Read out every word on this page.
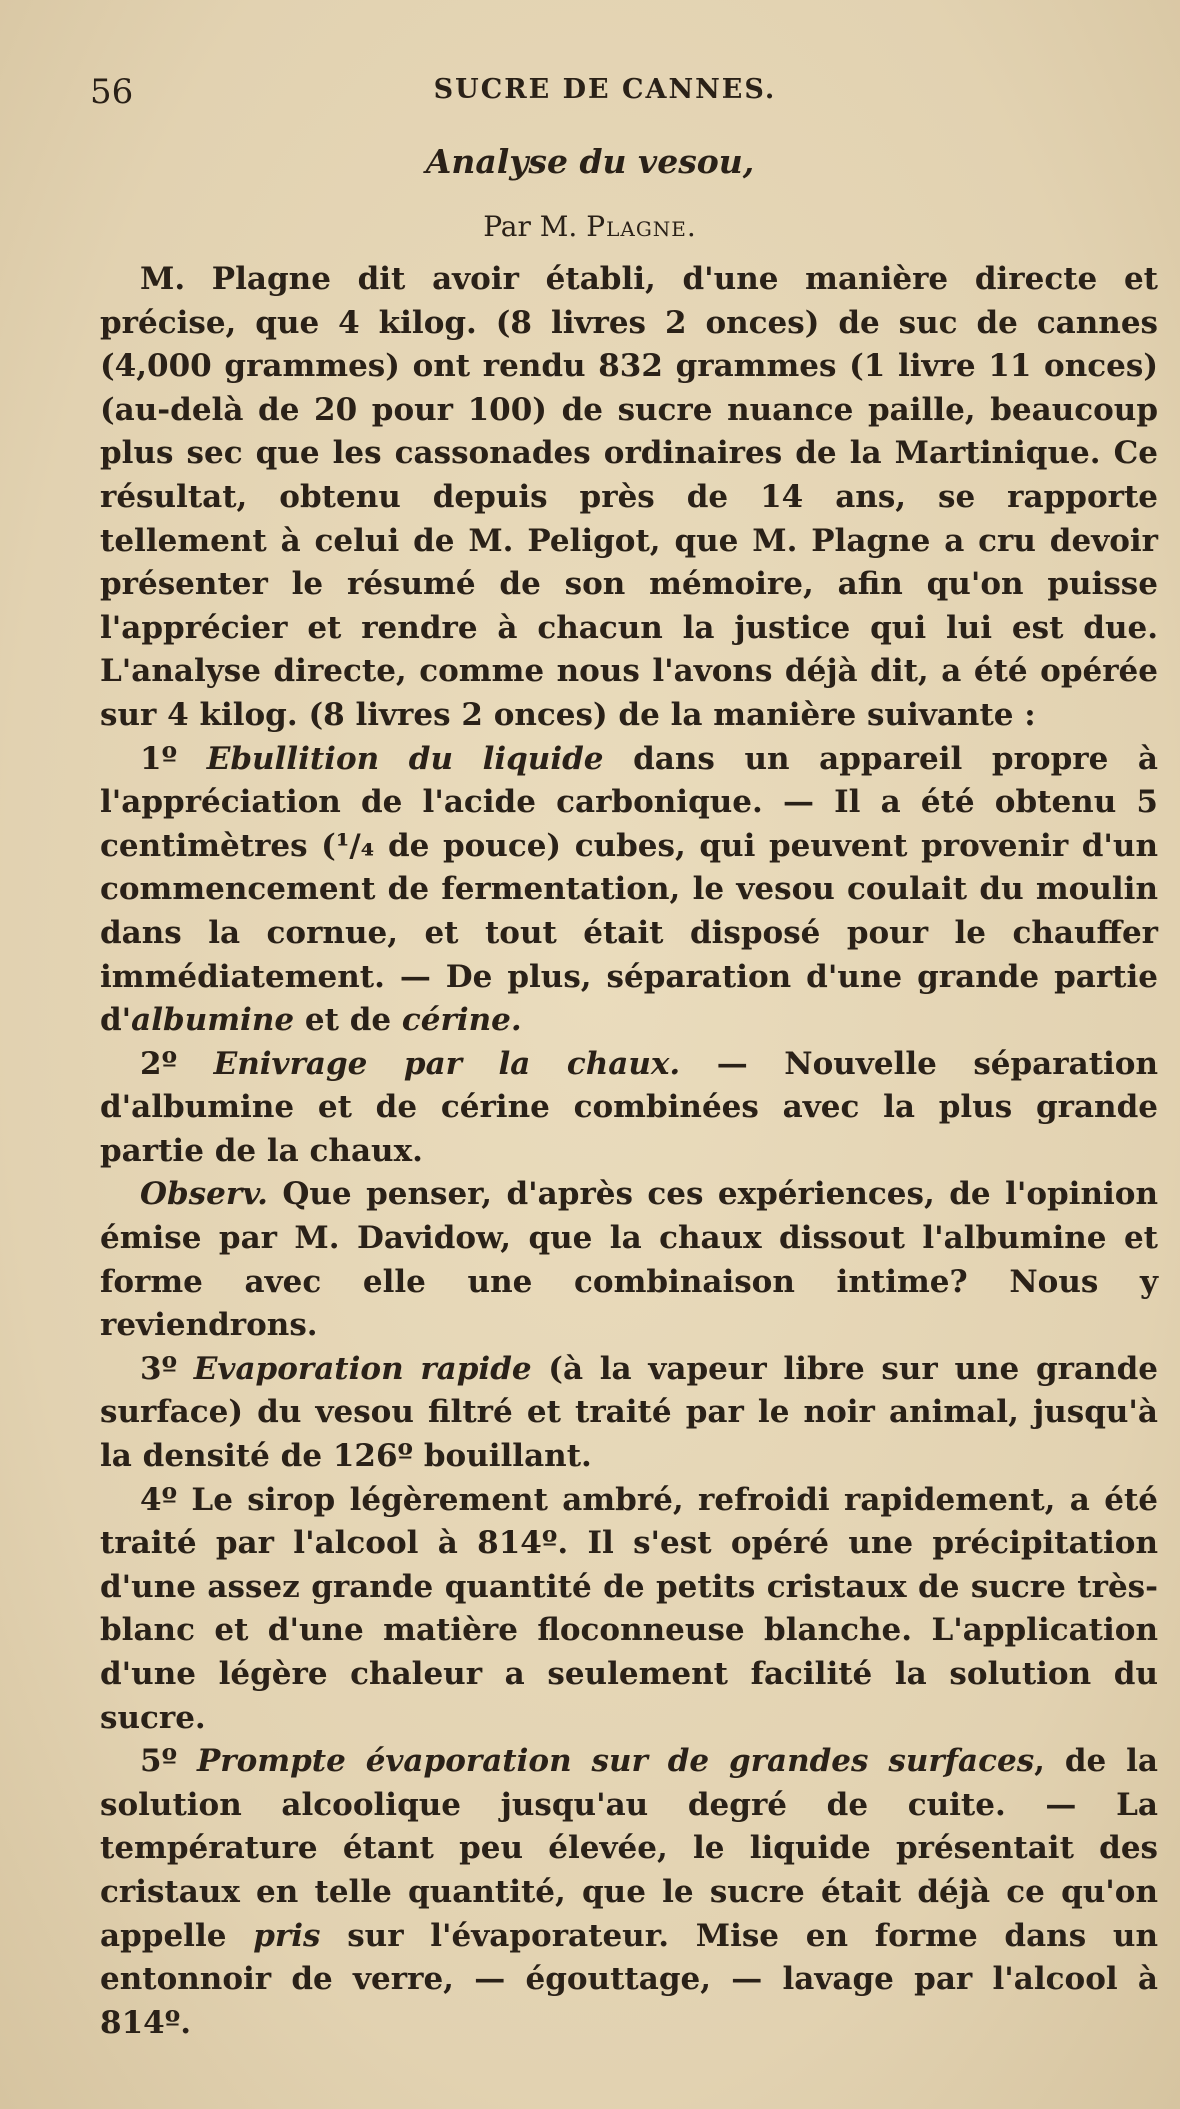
56	SUCRE DE CANNES.
Analyse du vesou,
Par M. Plagne.

M. Plagne dit avoir établi, d'une manière directe et précise, que 4 kilog. (8 livres 2 onces) de suc de cannes (4,000 grammes) ont rendu 832 grammes (1 livre 11 onces) (au-delà de 20 pour 100) de sucre nuance paille, beaucoup plus sec que les cassonades ordinaires de la Martinique. Ce résultat, obtenu depuis près de 14 ans, se rapporte tellement à celui de M. Peligot, que M. Plagne a cru devoir présenter le résumé de son mémoire, afin qu'on puisse l'apprécier et rendre à chacun la justice qui lui est due. L'analyse directe, comme nous l'avons déjà dit, a été opérée sur 4 kilog. (8 livres 2 onces) de la manière suivante :

1º Ebullition du liquide dans un appareil propre à l'appréciation de l'acide carbonique. — Il a été obtenu 5 centimètres (¹/₄ de pouce) cubes, qui peuvent provenir d'un commencement de fermentation, le vesou coulait du moulin dans la cornue, et tout était disposé pour le chauffer immédiatement. — De plus, séparation d'une grande partie d'albumine et de cérine.

2º Enivrage par la chaux. — Nouvelle séparation d'albumine et de cérine combinées avec la plus grande partie de la chaux.

Observ. Que penser, d'après ces expériences, de l'opinion émise par M. Davidow, que la chaux dissout l'albumine et forme avec elle une combinaison intime? Nous y reviendrons.

3º Evaporation rapide (à la vapeur libre sur une grande surface) du vesou filtré et traité par le noir animal, jusqu'à la densité de 126º bouillant.

4º Le sirop légèrement ambré, refroidi rapidement, a été traité par l'alcool à 814º. Il s'est opéré une précipitation d'une assez grande quantité de petits cristaux de sucre très-blanc et d'une matière floconneuse blanche. L'application d'une légère chaleur a seulement facilité la solution du sucre.

5º Prompte évaporation sur de grandes surfaces, de la solution alcoolique jusqu'au degré de cuite. — La température étant peu élevée, le liquide présentait des cristaux en telle quantité, que le sucre était déjà ce qu'on appelle pris sur l'évaporateur. Mise en forme dans un entonnoir de verre, — égouttage, — lavage par l'alcool à 814º.
